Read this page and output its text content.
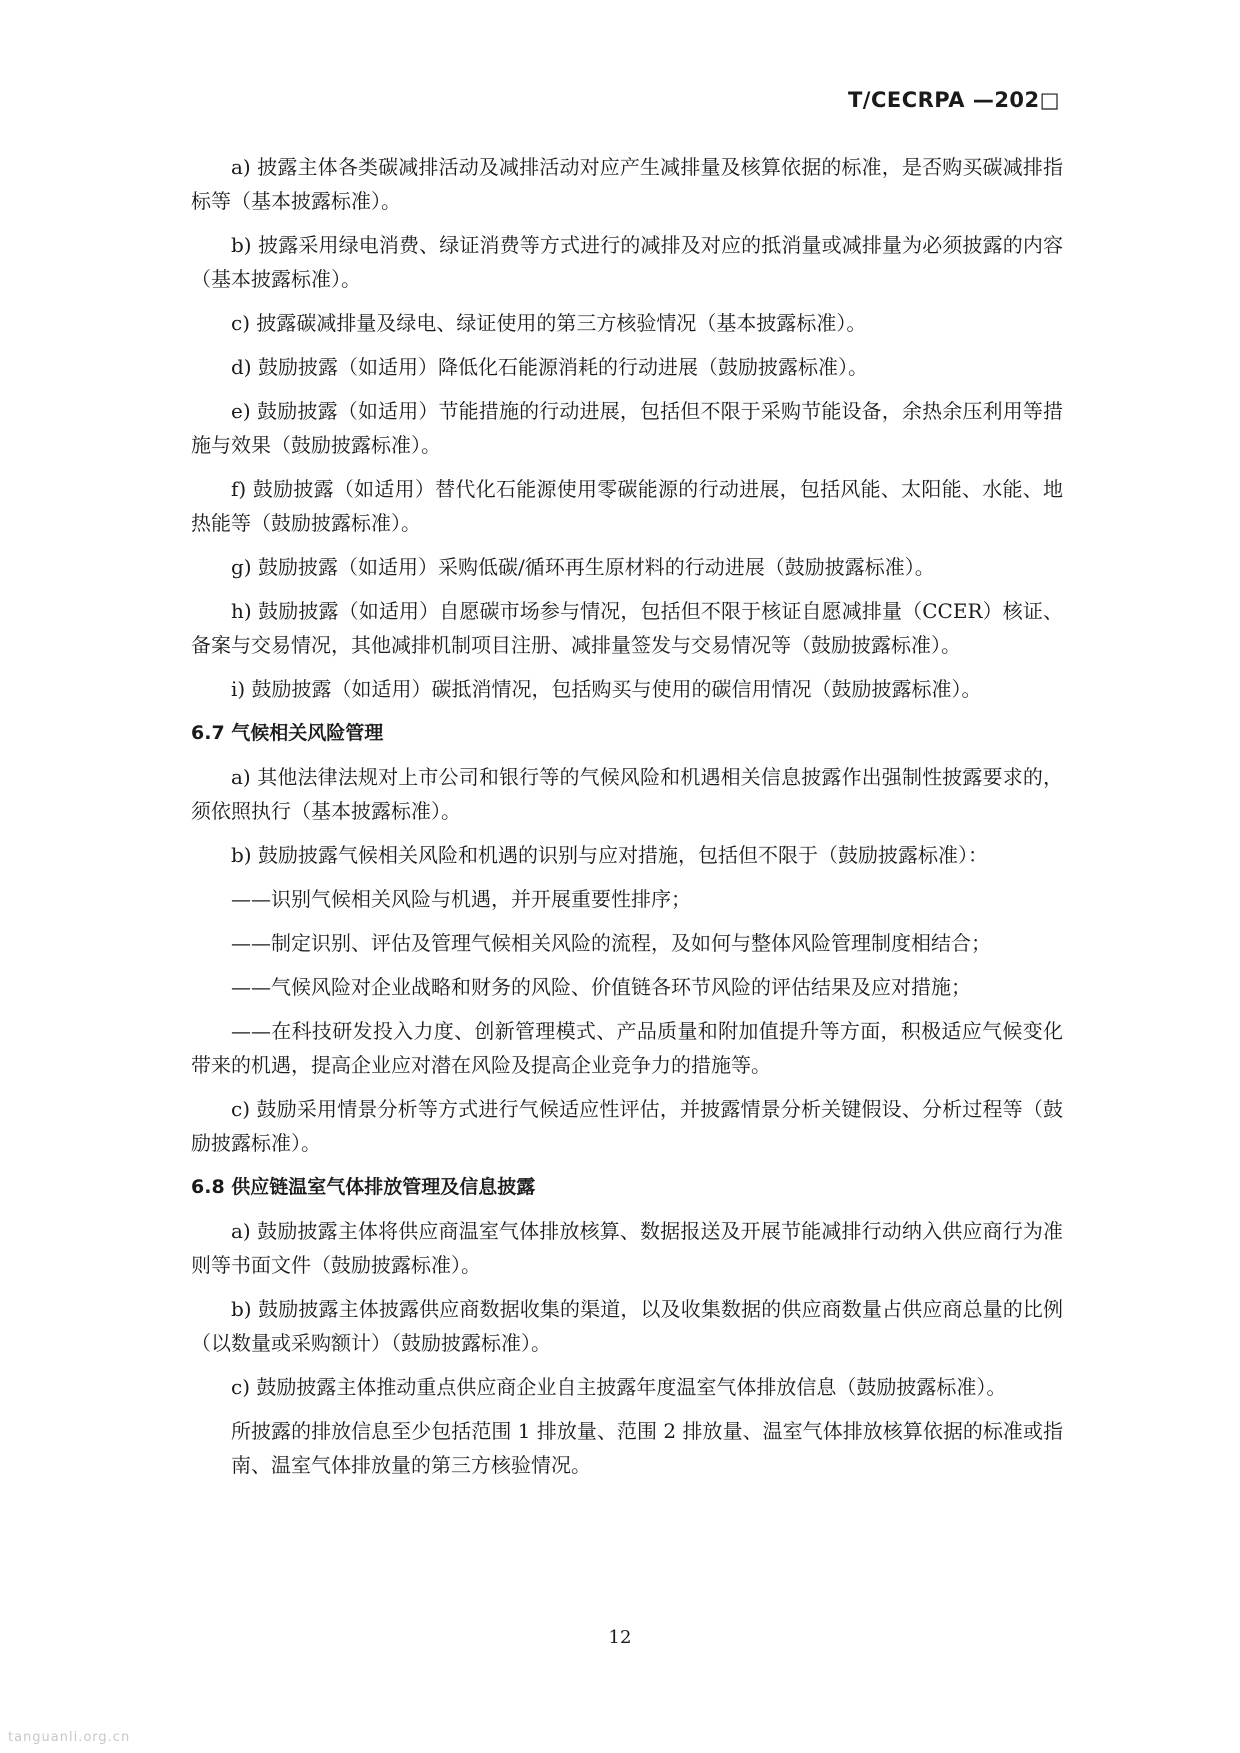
T/CECRPA —202□

a) 披露主体各类碳减排活动及减排活动对应产生减排量及核算依据的标准，是否购买碳减排指标等（基本披露标准）。

b) 披露采用绿电消费、绿证消费等方式进行的减排及对应的抵消量或减排量为必须披露的内容（基本披露标准）。

c) 披露碳减排量及绿电、绿证使用的第三方核验情况（基本披露标准）。

d) 鼓励披露（如适用）降低化石能源消耗的行动进展（鼓励披露标准）。

e) 鼓励披露（如适用）节能措施的行动进展，包括但不限于采购节能设备，余热余压利用等措施与效果（鼓励披露标准）。

f) 鼓励披露（如适用）替代化石能源使用零碳能源的行动进展，包括风能、太阳能、水能、地热能等（鼓励披露标准）。

g) 鼓励披露（如适用）采购低碳/循环再生原材料的行动进展（鼓励披露标准）。

h) 鼓励披露（如适用）自愿碳市场参与情况，包括但不限于核证自愿减排量（CCER）核证、备案与交易情况，其他减排机制项目注册、减排量签发与交易情况等（鼓励披露标准）。

i) 鼓励披露（如适用）碳抵消情况，包括购买与使用的碳信用情况（鼓励披露标准）。

6.7 气候相关风险管理

a) 其他法律法规对上市公司和银行等的气候风险和机遇相关信息披露作出强制性披露要求的，须依照执行（基本披露标准）。

b) 鼓励披露气候相关风险和机遇的识别与应对措施，包括但不限于（鼓励披露标准）：

——识别气候相关风险与机遇，并开展重要性排序；

——制定识别、评估及管理气候相关风险的流程，及如何与整体风险管理制度相结合；

——气候风险对企业战略和财务的风险、价值链各环节风险的评估结果及应对措施；

——在科技研发投入力度、创新管理模式、产品质量和附加值提升等方面，积极适应气候变化带来的机遇，提高企业应对潜在风险及提高企业竞争力的措施等。

c) 鼓励采用情景分析等方式进行气候适应性评估，并披露情景分析关键假设、分析过程等（鼓励披露标准）。

6.8 供应链温室气体排放管理及信息披露

a) 鼓励披露主体将供应商温室气体排放核算、数据报送及开展节能减排行动纳入供应商行为准则等书面文件（鼓励披露标准）。

b) 鼓励披露主体披露供应商数据收集的渠道，以及收集数据的供应商数量占供应商总量的比例（以数量或采购额计）（鼓励披露标准）。

c) 鼓励披露主体推动重点供应商企业自主披露年度温室气体排放信息（鼓励披露标准）。

所披露的排放信息至少包括范围 1 排放量、范围 2 排放量、温室气体排放核算依据的标准或指南、温室气体排放量的第三方核验情况。

12
tanguanli.org.cn
